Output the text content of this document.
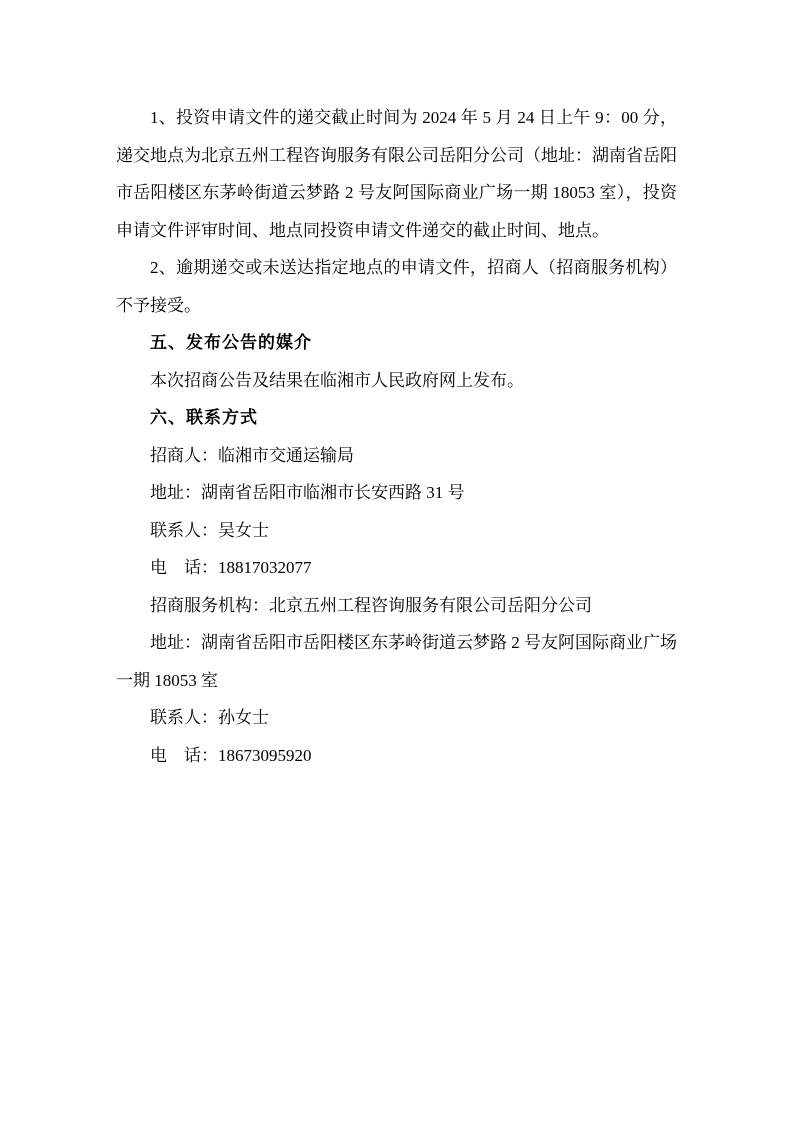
1、投资申请文件的递交截止时间为 2024 年 5 月 24 日上午 9：00 分，递交地点为北京五州工程咨询服务有限公司岳阳分公司（地址：湖南省岳阳市岳阳楼区东茅岭街道云梦路 2 号友阿国际商业广场一期 18053 室），投资申请文件评审时间、地点同投资申请文件递交的截止时间、地点。

2、逾期递交或未送达指定地点的申请文件，招商人（招商服务机构）不予接受。

五、发布公告的媒介

本次招商公告及结果在临湘市人民政府网上发布。

六、联系方式

招商人：临湘市交通运输局

地址：湖南省岳阳市临湘市长安西路 31 号

联系人：吴女士

电　话：18817032077

招商服务机构：北京五州工程咨询服务有限公司岳阳分公司

地址：湖南省岳阳市岳阳楼区东茅岭街道云梦路 2 号友阿国际商业广场一期 18053 室

联系人：孙女士

电　话：18673095920
